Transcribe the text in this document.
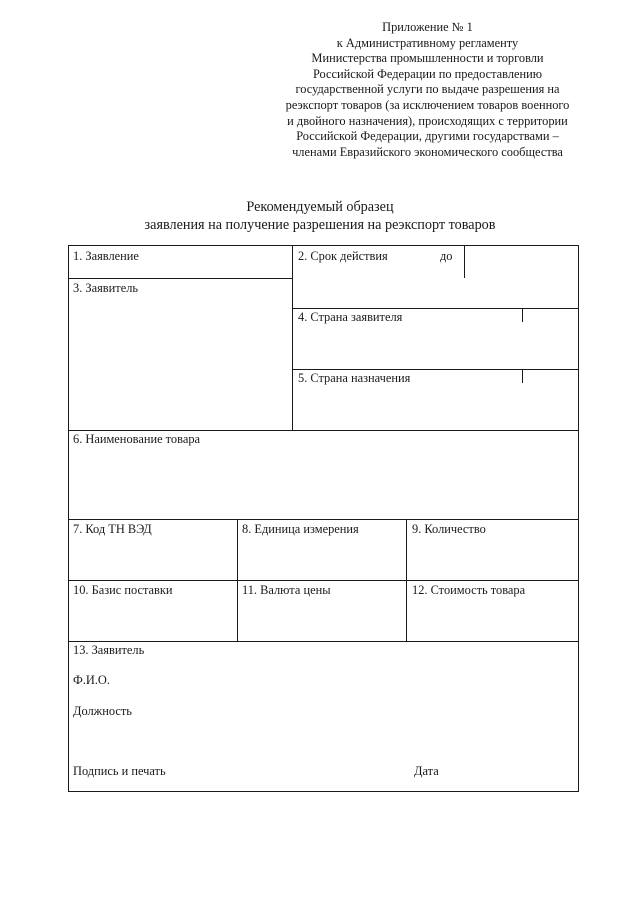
Приложение № 1
к Административному регламенту
Министерства промышленности и торговли
Российской Федерации по предоставлению
государственной услуги по выдаче разрешения на
реэкспорт товаров (за исключением товаров военного
и двойного назначения), происходящих с территории
Российской Федерации, другими государствами –
членами Евразийского экономического сообщества
Рекомендуемый образец
заявления на получение разрешения на реэкспорт товаров
1. Заявление	2. Срок действия	до
3. Заявитель
4. Страна заявителя
5. Страна назначения
6. Наименование товара
7. Код ТН ВЭД	8. Единица измерения	9. Количество
10. Базис поставки	11. Валюта цены	12. Стоимость товара
13. Заявитель
Ф.И.О.
Должность
Подпись и печать	Дата
